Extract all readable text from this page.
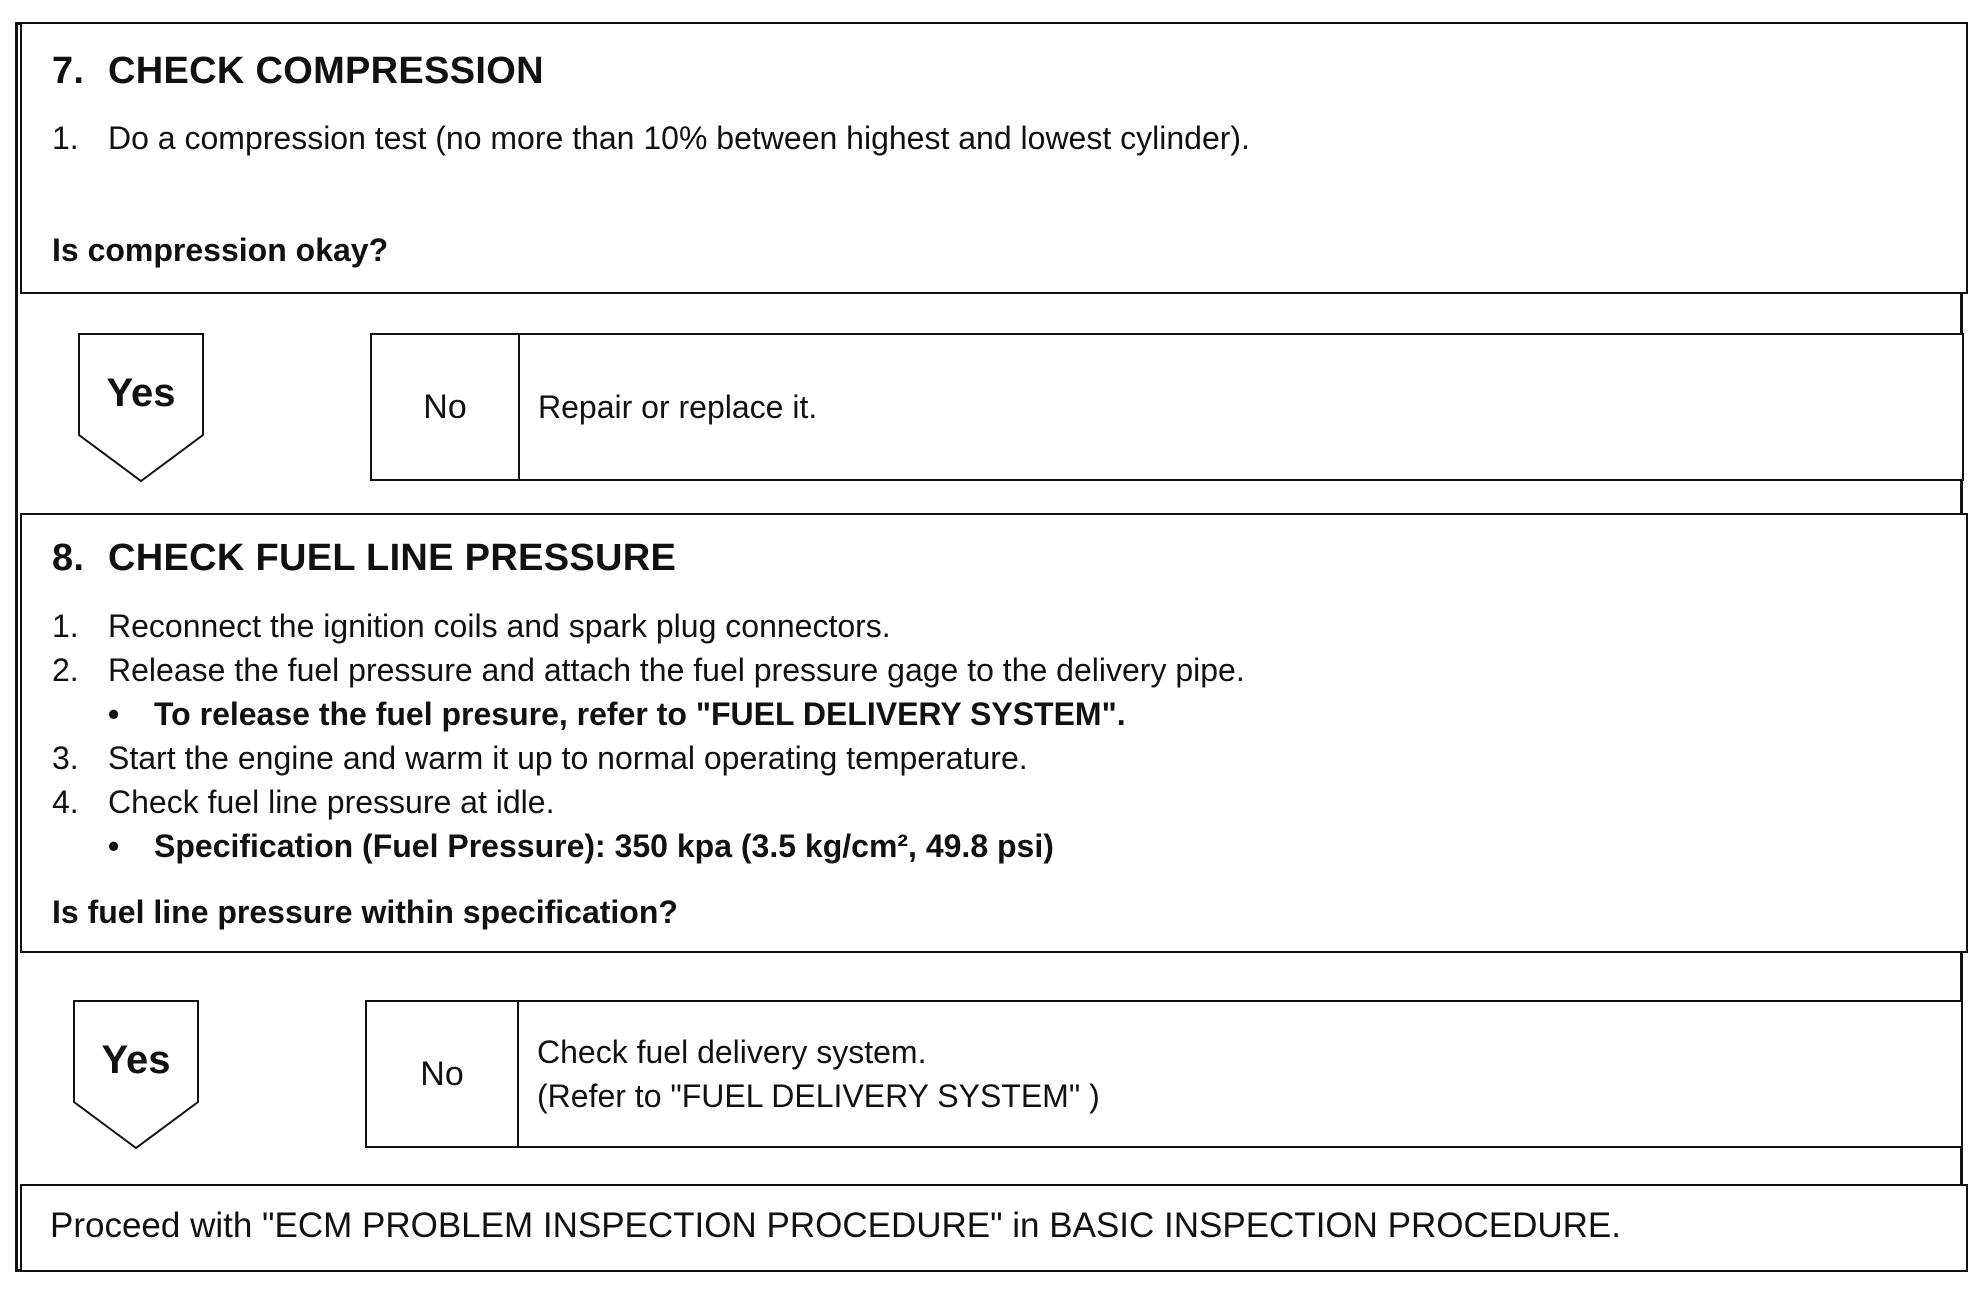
7. CHECK COMPRESSION
1. Do a compression test (no more than 10% between highest and lowest cylinder).
Is compression okay?
Yes	No	Repair or replace it.
8. CHECK FUEL LINE PRESSURE
1. Reconnect the ignition coils and spark plug connectors.
2. Release the fuel pressure and attach the fuel pressure gage to the delivery pipe.
• To release the fuel presure, refer to "FUEL DELIVERY SYSTEM".
3. Start the engine and warm it up to normal operating temperature.
4. Check fuel line pressure at idle.
• Specification (Fuel Pressure): 350 kpa (3.5 kg/cm², 49.8 psi)
Is fuel line pressure within specification?
Yes	No
Check fuel delivery system.
(Refer to "FUEL DELIVERY SYSTEM" )
Proceed with "ECM PROBLEM INSPECTION PROCEDURE" in BASIC INSPECTION PROCEDURE.
